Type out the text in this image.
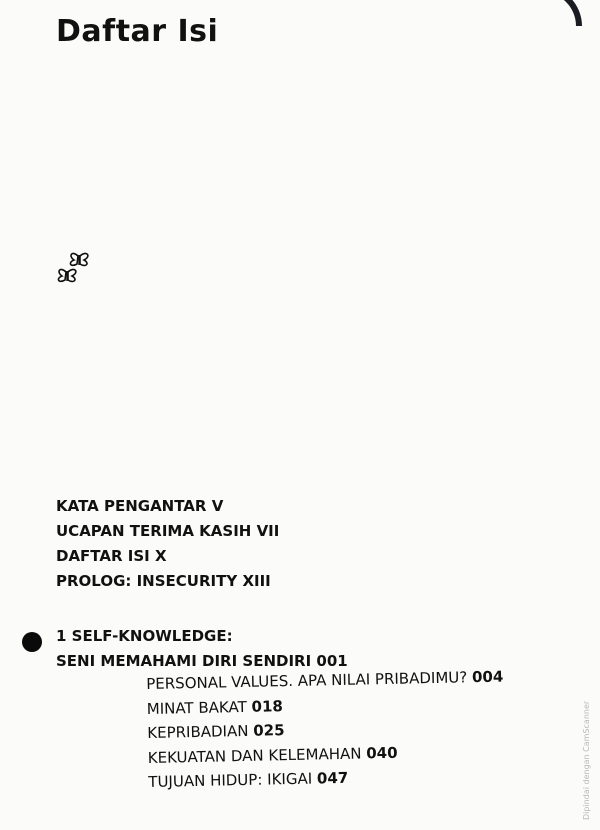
Daftar Isi
KATA PENGANTAR V
UCAPAN TERIMA KASIH VII
DAFTAR ISI X
PROLOG: INSECURITY XIII
1 SELF-KNOWLEDGE:
SENI MEMAHAMI DIRI SENDIRI 001
PERSONAL VALUES. APA NILAI PRIBADIMU? 004
MINAT BAKAT 018
KEPRIBADIAN 025
KEKUATAN DAN KELEMAHAN 040
TUJUAN HIDUP: IKIGAI 047	Dipindai dengan CamScanner
